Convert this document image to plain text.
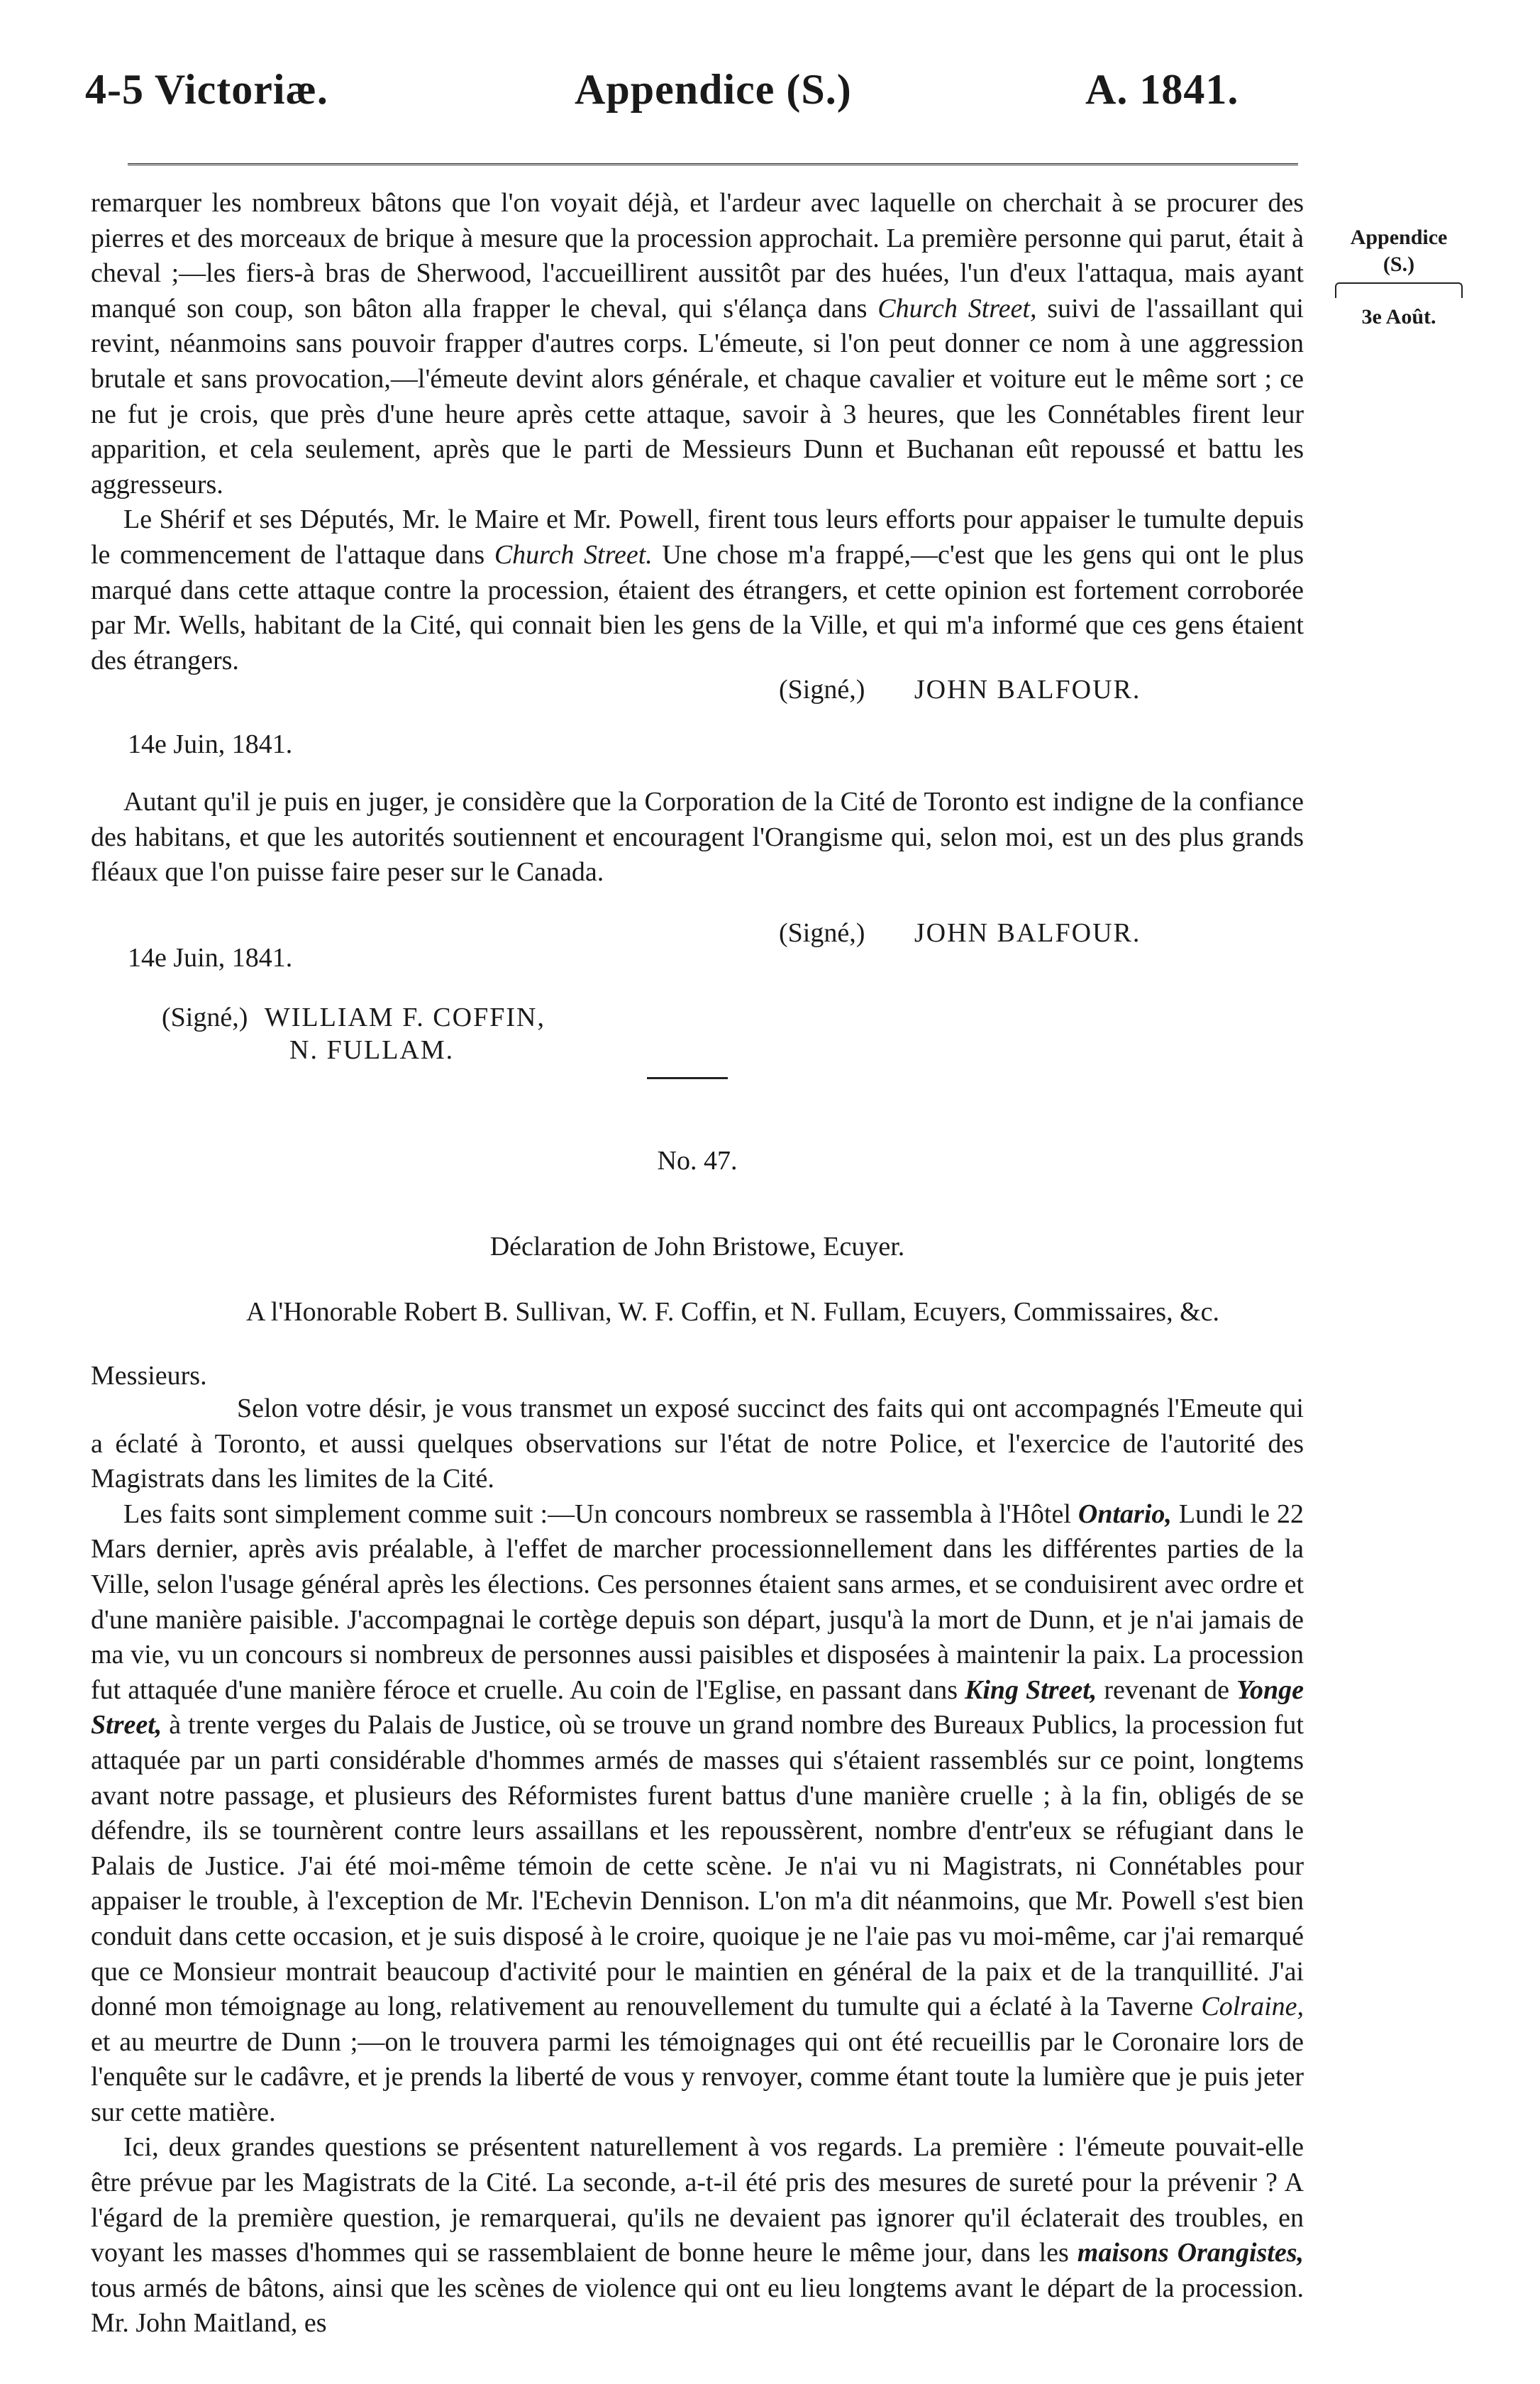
4-5 Victoriæ.	Appendice (S.)	A. 1841.
Appendice
(S.)
3e Août.

remarquer les nombreux bâtons que l'on voyait déjà, et l'ardeur avec laquelle on cherchait à se procurer des pierres et des morceaux de brique à mesure que la procession approchait. La première personne qui parut, était à cheval ;—les fiers-à bras de Sherwood, l'accueillirent aussitôt par des huées, l'un d'eux l'attaqua, mais ayant manqué son coup, son bâton alla frapper le cheval, qui s'élança dans Church Street, suivi de l'assaillant qui revint, néanmoins sans pouvoir frapper d'autres corps. L'émeute, si l'on peut donner ce nom à une aggression brutale et sans provocation,—l'émeute devint alors générale, et chaque cavalier et voiture eut le même sort ; ce ne fut je crois, que près d'une heure après cette attaque, savoir à 3 heures, que les Connétables firent leur apparition, et cela seulement, après que le parti de Messieurs Dunn et Buchanan eût repoussé et battu les aggresseurs.

Le Shérif et ses Députés, Mr. le Maire et Mr. Powell, firent tous leurs efforts pour appaiser le tumulte depuis le commencement de l'attaque dans Church Street. Une chose m'a frappé,—c'est que les gens qui ont le plus marqué dans cette attaque contre la procession, étaient des étrangers, et cette opinion est fortement corroborée par Mr. Wells, habitant de la Cité, qui connait bien les gens de la Ville, et qui m'a informé que ces gens étaient des étrangers.

(Signé,) JOHN BALFOUR.
14e Juin, 1841.

Autant qu'il je puis en juger, je considère que la Corporation de la Cité de Toronto est indigne de la confiance des habitans, et que les autorités soutiennent et encouragent l'Orangisme qui, selon moi, est un des plus grands fléaux que l'on puisse faire peser sur le Canada.

(Signé,) JOHN BALFOUR.
14e Juin, 1841.
(Signé,) WILLIAM F. COFFIN,
N. FULLAM.
No. 47.
Déclaration de John Bristowe, Ecuyer.
A l'Honorable Robert B. Sullivan, W. F. Coffin, et N. Fullam, Ecuyers, Commissaires, &c.
Messieurs.

Selon votre désir, je vous transmet un exposé succinct des faits qui ont accompagnés l'Emeute qui a éclaté à Toronto, et aussi quelques observations sur l'état de notre Police, et l'exercice de l'autorité des Magistrats dans les limites de la Cité.

Les faits sont simplement comme suit :—Un concours nombreux se rassembla à l'Hôtel Ontario, Lundi le 22 Mars dernier, après avis préalable, à l'effet de marcher processionnellement dans les différentes parties de la Ville, selon l'usage général après les élections. Ces personnes étaient sans armes, et se conduisirent avec ordre et d'une manière paisible. J'accompagnai le cortège depuis son départ, jusqu'à la mort de Dunn, et je n'ai jamais de ma vie, vu un concours si nombreux de personnes aussi paisibles et disposées à maintenir la paix. La procession fut attaquée d'une manière féroce et cruelle. Au coin de l'Eglise, en passant dans King Street, revenant de Yonge Street, à trente verges du Palais de Justice, où se trouve un grand nombre des Bureaux Publics, la procession fut attaquée par un parti considérable d'hommes armés de masses qui s'étaient rassemblés sur ce point, longtems avant notre passage, et plusieurs des Réformistes furent battus d'une manière cruelle ; à la fin, obligés de se défendre, ils se tournèrent contre leurs assaillans et les repoussèrent, nombre d'entr'eux se réfugiant dans le Palais de Justice. J'ai été moi-même témoin de cette scène. Je n'ai vu ni Magistrats, ni Connétables pour appaiser le trouble, à l'exception de Mr. l'Echevin Dennison. L'on m'a dit néanmoins, que Mr. Powell s'est bien conduit dans cette occasion, et je suis disposé à le croire, quoique je ne l'aie pas vu moi-même, car j'ai remarqué que ce Monsieur montrait beaucoup d'activité pour le maintien en général de la paix et de la tranquillité. J'ai donné mon témoignage au long, relativement au renouvellement du tumulte qui a éclaté à la Taverne Colraine, et au meurtre de Dunn ;—on le trouvera parmi les témoignages qui ont été recueillis par le Coronaire lors de l'enquête sur le cadâvre, et je prends la liberté de vous y renvoyer, comme étant toute la lumière que je puis jeter sur cette matière.

Ici, deux grandes questions se présentent naturellement à vos regards. La première : l'émeute pouvait-elle être prévue par les Magistrats de la Cité. La seconde, a-t-il été pris des mesures de sureté pour la prévenir ? A l'égard de la première question, je remarquerai, qu'ils ne devaient pas ignorer qu'il éclaterait des troubles, en voyant les masses d'hommes qui se rassemblaient de bonne heure le même jour, dans les maisons Orangistes, tous armés de bâtons, ainsi que les scènes de violence qui ont eu lieu longtems avant le départ de la procession. Mr. John Maitland, es
